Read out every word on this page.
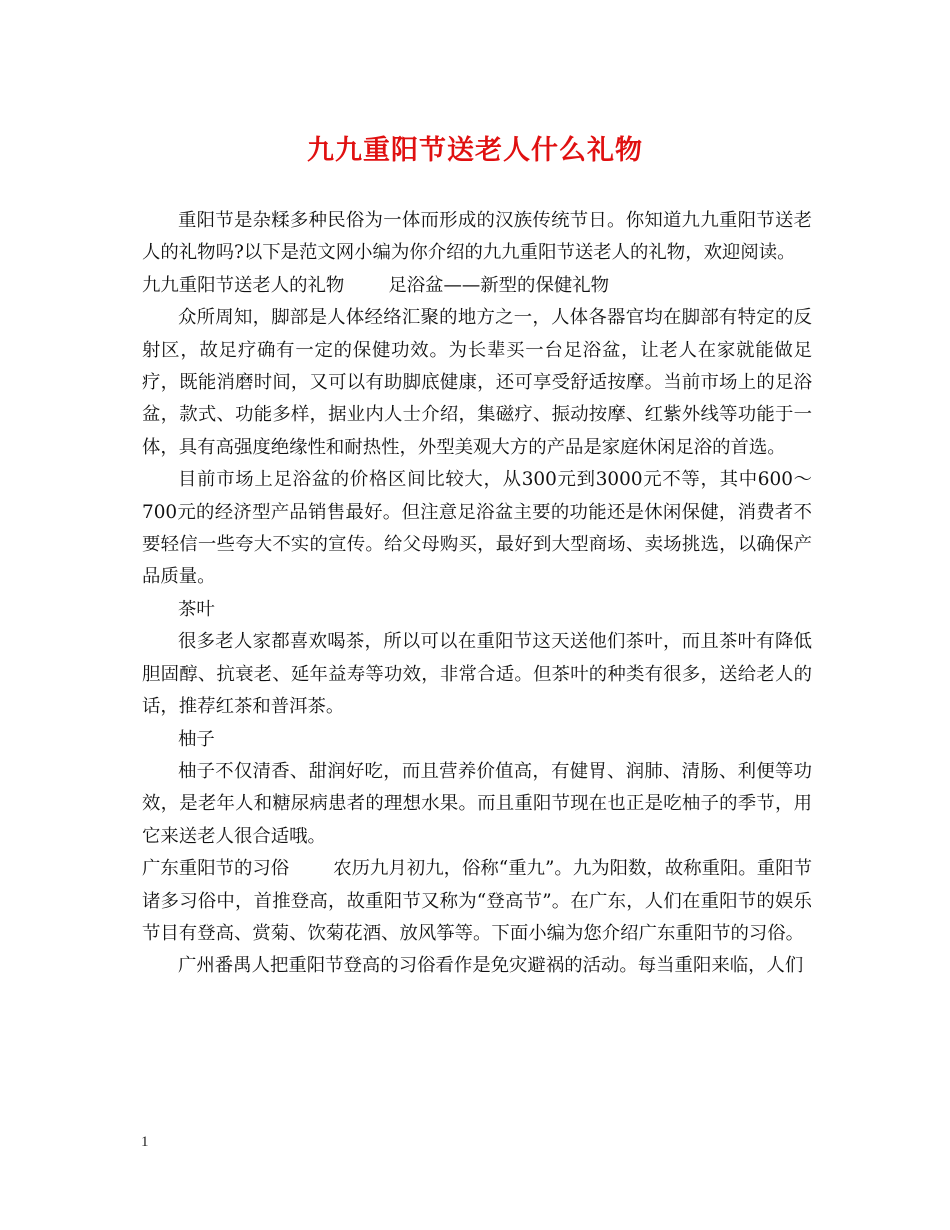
九九重阳节送老人什么礼物

重阳节是杂糅多种民俗为一体而形成的汉族传统节日。你知道九九重阳节送老人的礼物吗?以下是范文网小编为你介绍的九九重阳节送老人的礼物，欢迎阅读。

九九重阳节送老人的礼物 足浴盆——新型的保健礼物

众所周知，脚部是人体经络汇聚的地方之一，人体各器官均在脚部有特定的反射区，故足疗确有一定的保健功效。为长辈买一台足浴盆，让老人在家就能做足疗，既能消磨时间，又可以有助脚底健康，还可享受舒适按摩。当前市场上的足浴盆，款式、功能多样，据业内人士介绍，集磁疗、振动按摩、红紫外线等功能于一体，具有高强度绝缘性和耐热性，外型美观大方的产品是家庭休闲足浴的首选。

目前市场上足浴盆的价格区间比较大，从300元到3000元不等，其中600～700元的经济型产品销售最好。但注意足浴盆主要的功能还是休闲保健，消费者不要轻信一些夸大不实的宣传。给父母购买，最好到大型商场、卖场挑选，以确保产品质量。

茶叶

很多老人家都喜欢喝茶，所以可以在重阳节这天送他们茶叶，而且茶叶有降低胆固醇、抗衰老、延年益寿等功效，非常合适。但茶叶的种类有很多，送给老人的话，推荐红茶和普洱茶。

柚子

柚子不仅清香、甜润好吃，而且营养价值高，有健胃、润肺、清肠、利便等功效，是老年人和糖尿病患者的理想水果。而且重阳节现在也正是吃柚子的季节，用它来送老人很合适哦。

广东重阳节的习俗 农历九月初九，俗称“重九”。九为阳数，故称重阳。重阳节诸多习俗中，首推登高，故重阳节又称为“登高节”。在广东，人们在重阳节的娱乐节目有登高、赏菊、饮菊花酒、放风筝等。下面小编为您介绍广东重阳节的习俗。

广州番禺人把重阳节登高的习俗看作是免灾避祸的活动。每当重阳来临，人们

1
